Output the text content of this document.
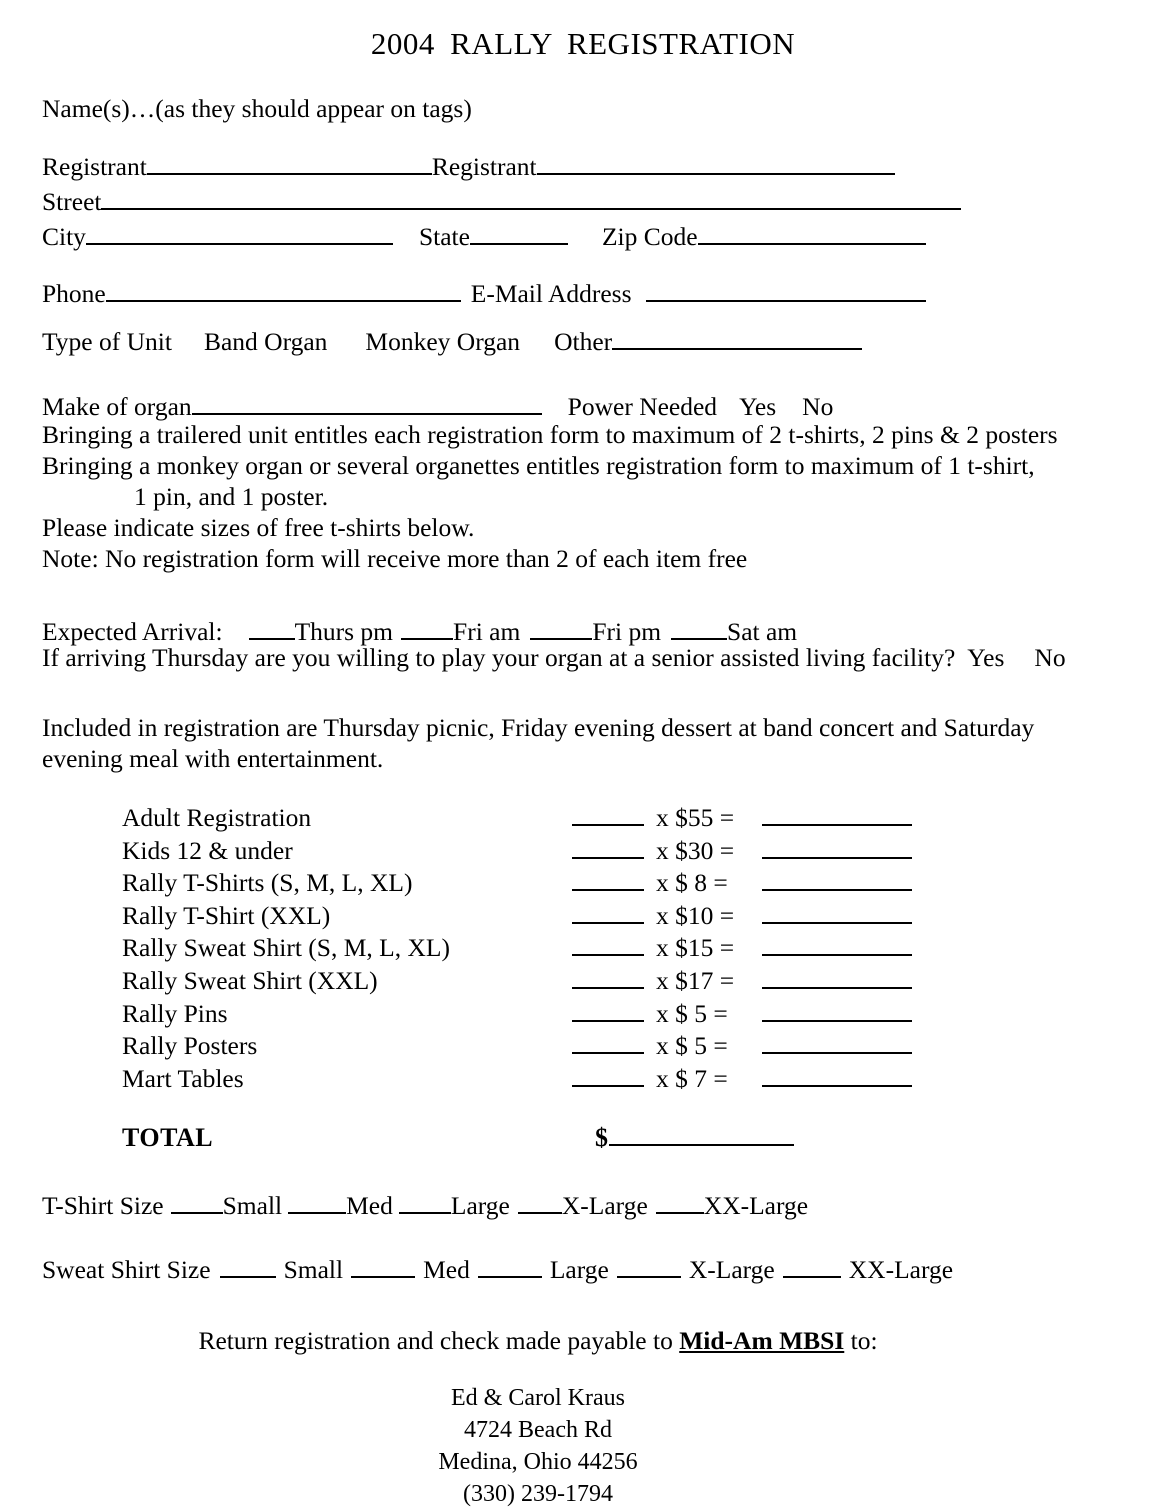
2004 RALLY REGISTRATION
Name(s)…(as they should appear on tags)
Registrant	Registrant
Street
City	State	Zip Code
Phone	E-Mail Address
Type of Unit Band Organ Monkey Organ Other
Make of organ	Power Needed Yes No
Bringing a trailered unit entitles each registration form to maximum of 2 t-shirts, 2 pins & 2 posters
Bringing a monkey organ or several organettes entitles registration form to maximum of 1 t-shirt,
1 pin, and 1 poster.
Please indicate sizes of free t-shirts below.
Note: No registration form will receive more than 2 of each item free
Expected Arrival:	Thurs pm Fri am	Fri pm	Sat am
If arriving Thursday are you willing to play your organ at a senior assisted living facility? Yes No
Included in registration are Thursday picnic, Friday evening dessert at band concert and Saturday
evening meal with entertainment.
Adult Registration	x $55 =
Kids 12 & under	x $30 =
Rally T-Shirts (S, M, L, XL)	x $ 8 =
Rally T-Shirt (XXL)	x $10 =
Rally Sweat Shirt (S, M, L, XL)	x $15 =
Rally Sweat Shirt (XXL)	x $17 =
Rally Pins	x $ 5 =
Rally Posters	x $ 5 =
Mart Tables	x $ 7 =
TOTAL	$
T-Shirt Size Small	Med Large X-Large XX-Large
Sweat Shirt Size	Small	Med	Large	X-Large	XX-Large
Return registration and check made payable to Mid-Am MBSI to:
Ed & Carol Kraus
4724 Beach Rd
Medina, Ohio 44256
(330) 239-1794
